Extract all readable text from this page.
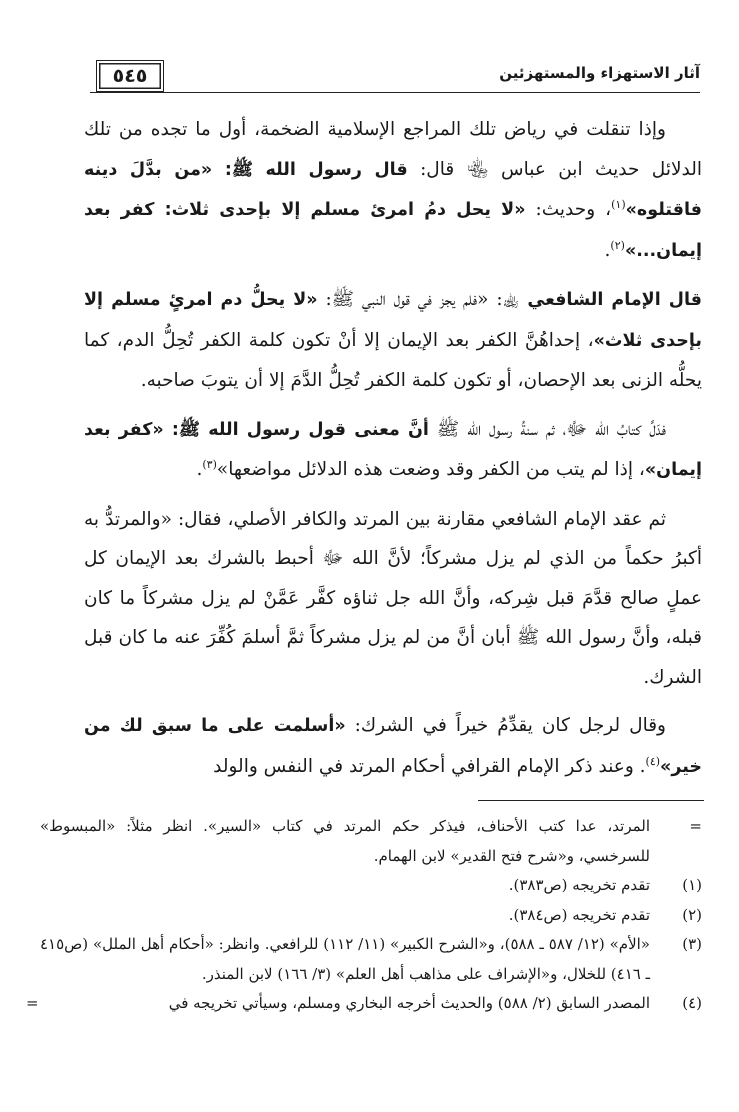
٥٤٥	آثار الاستهزاء والمستهزئين

وإذا تنقلت في رياض تلك المراجع الإسلامية الضخمة، أول ما تجده من تلك الدلائل حديث ابن عباس ﵄ قال: قال رسول الله ﷺ: «من بدَّلَ دينه فاقتلوه»$^{(١)}$، وحديث: «لا يحل دمُ امرئ مسلم إلا بإحدى ثلاث: كفر بعد إيمان...»$^{(٢)}$.

قال الإمام الشافعي ﵀: «فلم يجز في قول النبي ﷺ: «لا يحلُّ دم امرئٍ مسلم إلا بإحدى ثلاث»، إحداهُنَّ الكفر بعد الإيمان إلا أنْ تكون كلمة الكفر تُحِلُّ الدم، كما يحلُّه الزنى بعد الإحصان، أو تكون كلمة الكفر تُحِلُّ الدَّمَ إلا أن يتوبَ صاحبه.

فدَلَّ كتابُ الله ﷻ، ثم سنةُ رسول الله ﷺ أنَّ معنى قول رسول الله ﷺ: «كفر بعد إيمان»، إذا لم يتب من الكفر وقد وضعت هذه الدلائل مواضعها»$^{(٣)}$.

ثم عقد الإمام الشافعي مقارنة بين المرتد والكافر الأصلي، فقال: «والمرتدُّ به أكبرُ حكماً من الذي لم يزل مشركاً؛ لأنَّ الله ﷻ أحبط بالشرك بعد الإيمان كل عملٍ صالح قدَّمَ قبل شِركه، وأنَّ الله جل ثناؤه كفَّر عَمَّنْ لم يزل مشركاً ما كان قبله، وأنَّ رسول الله ﷺ أبان أنَّ من لم يزل مشركاً ثمَّ أسلمَ كُفِّرَ عنه ما كان قبل الشرك.

وقال لرجل كان يقدِّمُ خيراً في الشرك: «أسلمت على ما سبق لك من خير»$^{(٤)}$. وعند ذكر الإمام القرافي أحكام المرتد في النفس والولد

=
المرتد، عدا كتب الأحناف، فيذكر حكم المرتد في كتاب «السير». انظر مثلاً: «المبسوط» للسرخسي، و«شرح فتح القدير» لابن الهمام.
(١)
تقدم تخريجه (ص٣٨٣).
(٢)
تقدم تخريجه (ص٣٨٤).
(٣)
«الأم» (١٢/ ٥٨٧ ـ ٥٨٨)، و«الشرح الكبير» (١١/ ١١٢) للرافعي. وانظر: «أحكام أهل الملل» (ص٤١٥ ـ ٤١٦) للخلال، و«الإشراف على مذاهب أهل العلم» (٣/ ١٦٦) لابن المنذر.
(٤)
المصدر السابق (٢/ ٥٨٨) والحديث أخرجه البخاري ومسلم، وسيأتي تخريجه في
=
